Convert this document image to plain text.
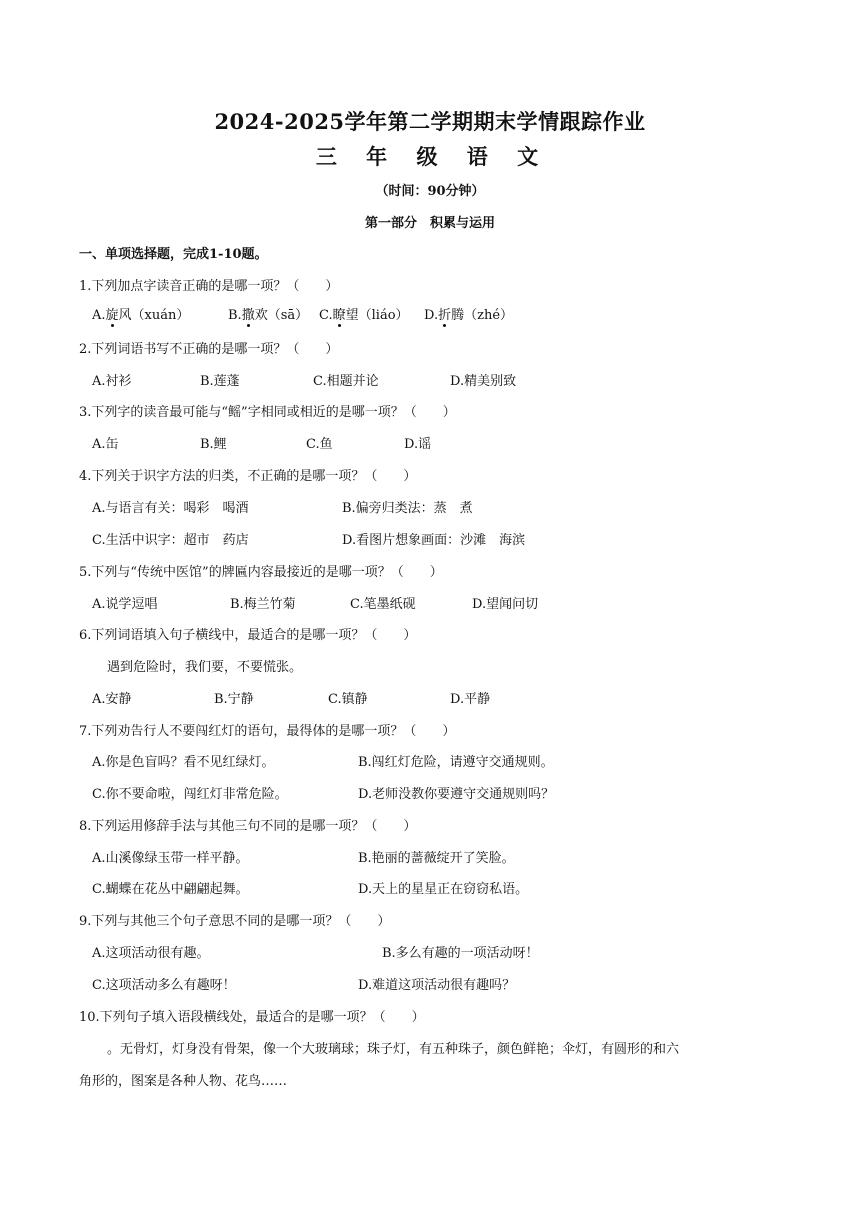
2024-2025学年第二学期期末学情跟踪作业
三 年 级 语 文
（时间：90分钟）
第一部分　积累与运用
一、单项选择题，完成1-10题。
1.下列加点字读音正确的是哪一项？（　　）
A.旋风（xuán）	B.撒欢（sā） C.瞭望（liáo） D.折腾（zhé）
2.下列词语书写不正确的是哪一项？（　　）
A.衬衫	B.莲蓬	C.相题并论	D.精美别致
3.下列字的读音最可能与“鳐”字相同或相近的是哪一项？（　　）
A.缶	B.鲤	C.鱼	D.谣
4.下列关于识字方法的归类，不正确的是哪一项？（　　）
A.与语言有关：喝彩　喝酒	B.偏旁归类法：蒸　煮
C.生活中识字：超市　药店	D.看图片想象画面：沙滩　海滨
5.下列与“传统中医馆”的牌匾内容最接近的是哪一项？（　　）
A.说学逗唱	B.梅兰竹菊	C.笔墨纸砚	D.望闻问切
6.下列词语填入句子横线中，最适合的是哪一项？（　　）
遇到危险时，我们要，不要慌张。
A.安静	B.宁静	C.镇静	D.平静
7.下列劝告行人不要闯红灯的语句，最得体的是哪一项？（　　）
A.你是色盲吗？看不见红绿灯。	B.闯红灯危险，请遵守交通规则。
C.你不要命啦，闯红灯非常危险。	D.老师没教你要遵守交通规则吗？
8.下列运用修辞手法与其他三句不同的是哪一项？（　　）
A.山溪像绿玉带一样平静。	B.艳丽的蔷薇绽开了笑脸。
C.蝴蝶在花丛中翩翩起舞。	D.天上的星星正在窃窃私语。
9.下列与其他三个句子意思不同的是哪一项？（　　）
A.这项活动很有趣。	B.多么有趣的一项活动呀！
C.这项活动多么有趣呀！	D.难道这项活动很有趣吗？
10.下列句子填入语段横线处，最适合的是哪一项？（　　）
。无骨灯，灯身没有骨架，像一个大玻璃球；珠子灯，有五种珠子，颜色鲜艳；伞灯，有圆形的和六
角形的，图案是各种人物、花鸟……
